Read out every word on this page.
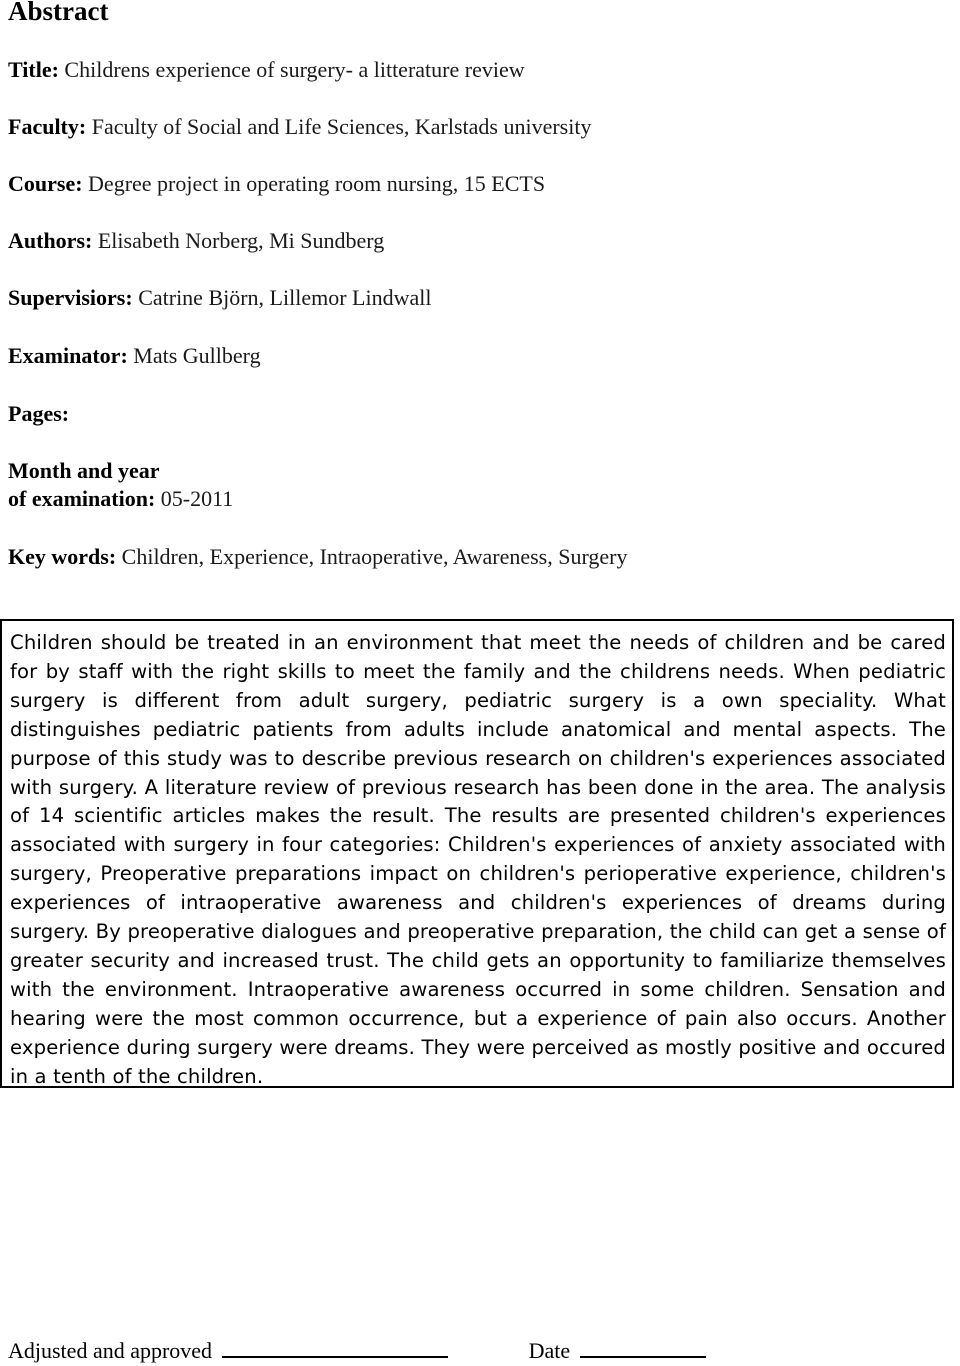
Abstract
Title: Childrens experience of surgery- a litterature review
Faculty: Faculty of Social and Life Sciences, Karlstads university
Course: Degree project in operating room nursing, 15 ECTS
Authors: Elisabeth Norberg, Mi Sundberg
Supervisiors: Catrine Björn, Lillemor Lindwall
Examinator: Mats Gullberg
Pages:
Month and year
of examination: 05-2011
Key words: Children, Experience, Intraoperative, Awareness, Surgery

Children should be treated in an environment that meet the needs of children and be cared for by staff with the right skills to meet the family and the childrens needs. When pediatric surgery is different from adult surgery, pediatric surgery is a own speciality. What distinguishes pediatric patients from adults include anatomical and mental aspects. The purpose of this study was to describe previous research on children's experiences associated with surgery. A literature review of previous research has been done in the area. The analysis of 14 scientific articles makes the result. The results are presented children's experiences associated with surgery in four categories: Children's experiences of anxiety associated with surgery, Preoperative preparations impact on children's perioperative experience, children's experiences of intraoperative awareness and children's experiences of dreams during surgery. By preoperative dialogues and preoperative preparation, the child can get a sense of greater security and increased trust. The child gets an opportunity to familiarize themselves with the environment. Intraoperative awareness occurred in some children. Sensation and hearing were the most common occurrence, but a experience of pain also occurs. Another experience during surgery were dreams. They were perceived as mostly positive and occured in a tenth of the children.

Adjusted and approved	Date
